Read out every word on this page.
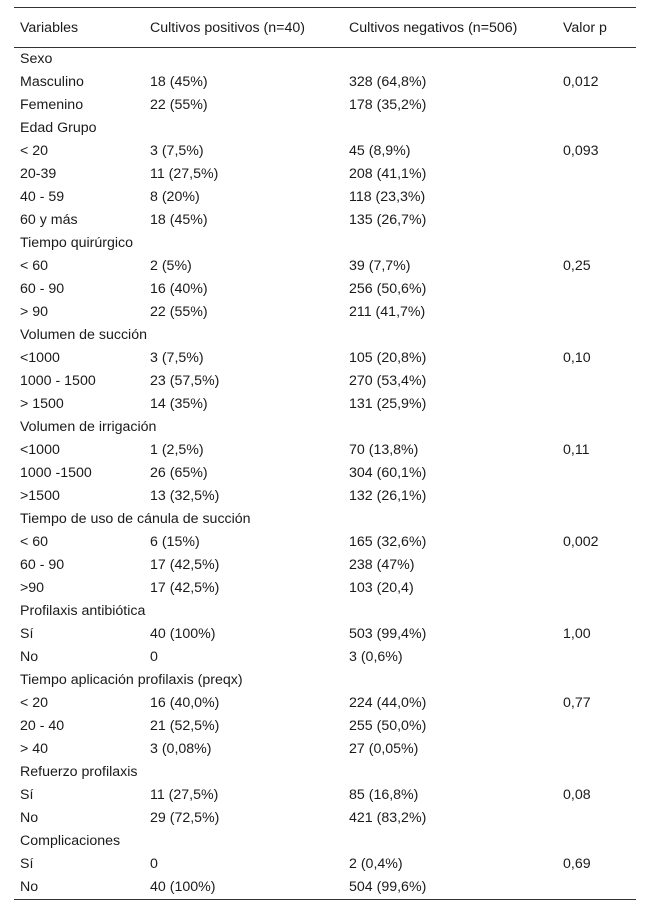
Variables	Cultivos positivos (n=40)	Cultivos negativos (n=506)	Valor p
Sexo			
Masculino	18 (45%)	328 (64,8%)	0,012
Femenino	22 (55%)	178 (35,2%)	
Edad Grupo			
< 20	3 (7,5%)	45 (8,9%)	0,093
20-39	11 (27,5%)	208 (41,1%)	
40 - 59	8 (20%)	118 (23,3%)	
60 y más	18 (45%)	135 (26,7%)	
Tiempo quirúrgico			
< 60	2 (5%)	39 (7,7%)	0,25
60 - 90	16 (40%)	256 (50,6%)	
> 90	22 (55%)	211 (41,7%)	
Volumen de succión			
<1000	3 (7,5%)	105 (20,8%)	0,10
1000 - 1500	23 (57,5%)	270 (53,4%)	
> 1500	14 (35%)	131 (25,9%)	
Volumen de irrigación			
<1000	1 (2,5%)	70 (13,8%)	0,11
1000 -1500	26 (65%)	304 (60,1%)	
>1500	13 (32,5%)	132 (26,1%)	
Tiempo de uso de cánula de succión			
< 60	6 (15%)	165 (32,6%)	0,002
60 - 90	17 (42,5%)	238 (47%)	
>90	17 (42,5%)	103 (20,4)	
Profilaxis antibiótica			
Sí	40 (100%)	503 (99,4%)	1,00
No	0	3 (0,6%)	
Tiempo aplicación profilaxis (preqx)			
< 20	16 (40,0%)	224 (44,0%)	0,77
20 - 40	21 (52,5%)	255 (50,0%)	
> 40	3 (0,08%)	27 (0,05%)	
Refuerzo profilaxis			
Sí	11 (27,5%)	85 (16,8%)	0,08
No	29 (72,5%)	421 (83,2%)	
Complicaciones			
Sí	0	2 (0,4%)	0,69
No	40 (100%)	504 (99,6%)	
